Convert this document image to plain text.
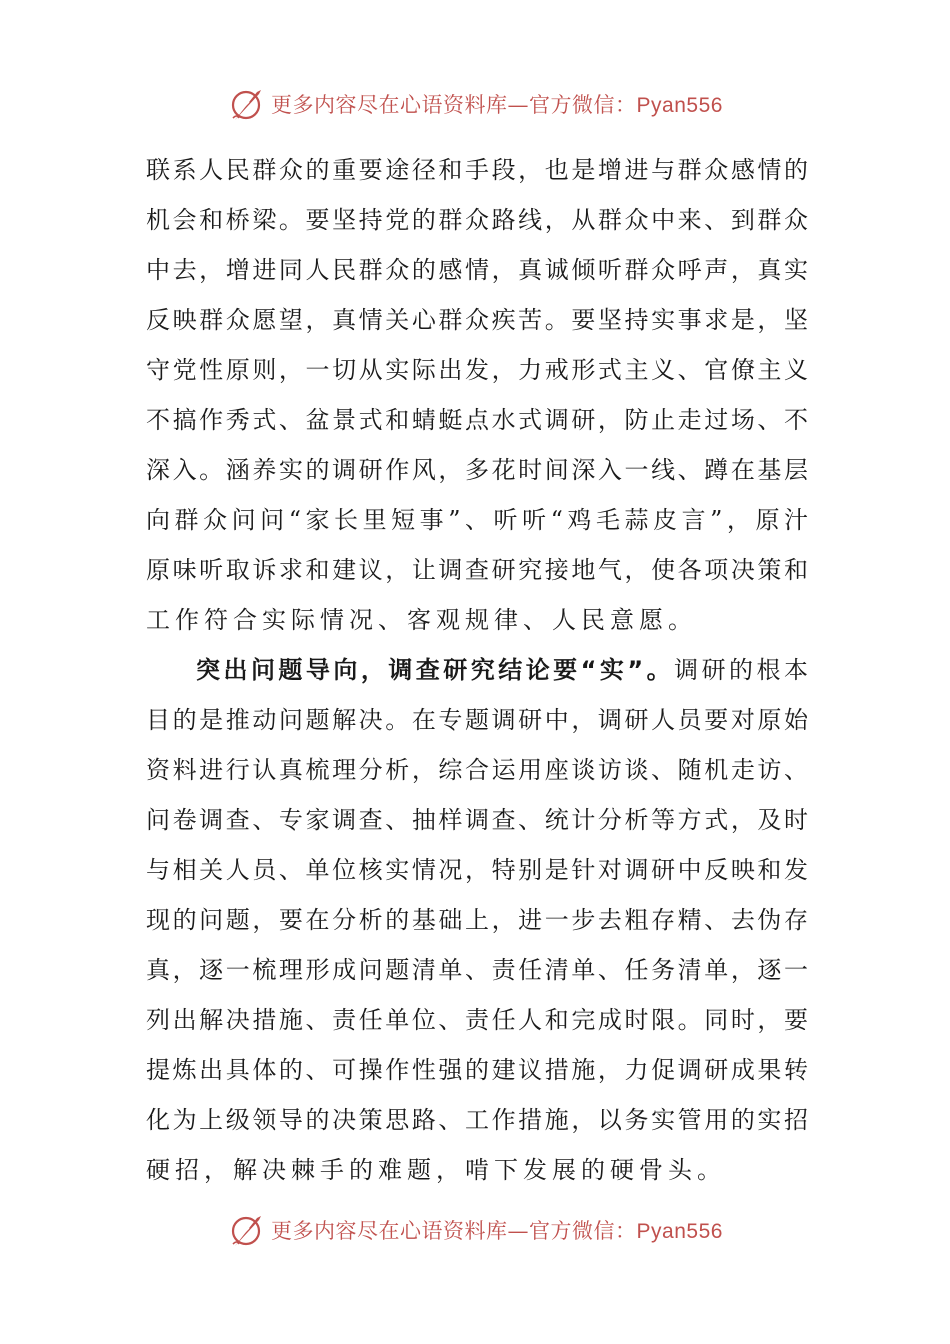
更多内容尽在心语资料库—官方微信：Pyan556
联系人民群众的重要途径和手段，也是增进与群众感情的
机会和桥梁。要坚持党的群众路线，从群众中来、到群众
中去，增进同人民群众的感情，真诚倾听群众呼声，真实
反映群众愿望，真情关心群众疾苦。要坚持实事求是，坚
守党性原则，一切从实际出发，力戒形式主义、官僚主义
不搞作秀式、盆景式和蜻蜓点水式调研，防止走过场、不
深入。涵养实的调研作风，多花时间深入一线、蹲在基层
向群众问问“家长里短事”、听听“鸡毛蒜皮言”，原汁
原味听取诉求和建议，让调查研究接地气，使各项决策和
工作符合实际情况、客观规律、人民意愿。
突出问题导向，调查研究结论要“实”。调研的根本
目的是推动问题解决。在专题调研中，调研人员要对原始
资料进行认真梳理分析，综合运用座谈访谈、随机走访、
问卷调查、专家调查、抽样调查、统计分析等方式，及时
与相关人员、单位核实情况，特别是针对调研中反映和发
现的问题，要在分析的基础上，进一步去粗存精、去伪存
真，逐一梳理形成问题清单、责任清单、任务清单，逐一
列出解决措施、责任单位、责任人和完成时限。同时，要
提炼出具体的、可操作性强的建议措施，力促调研成果转
化为上级领导的决策思路、工作措施，以务实管用的实招
硬招，解决棘手的难题，啃下发展的硬骨头。
更多内容尽在心语资料库—官方微信：Pyan556
